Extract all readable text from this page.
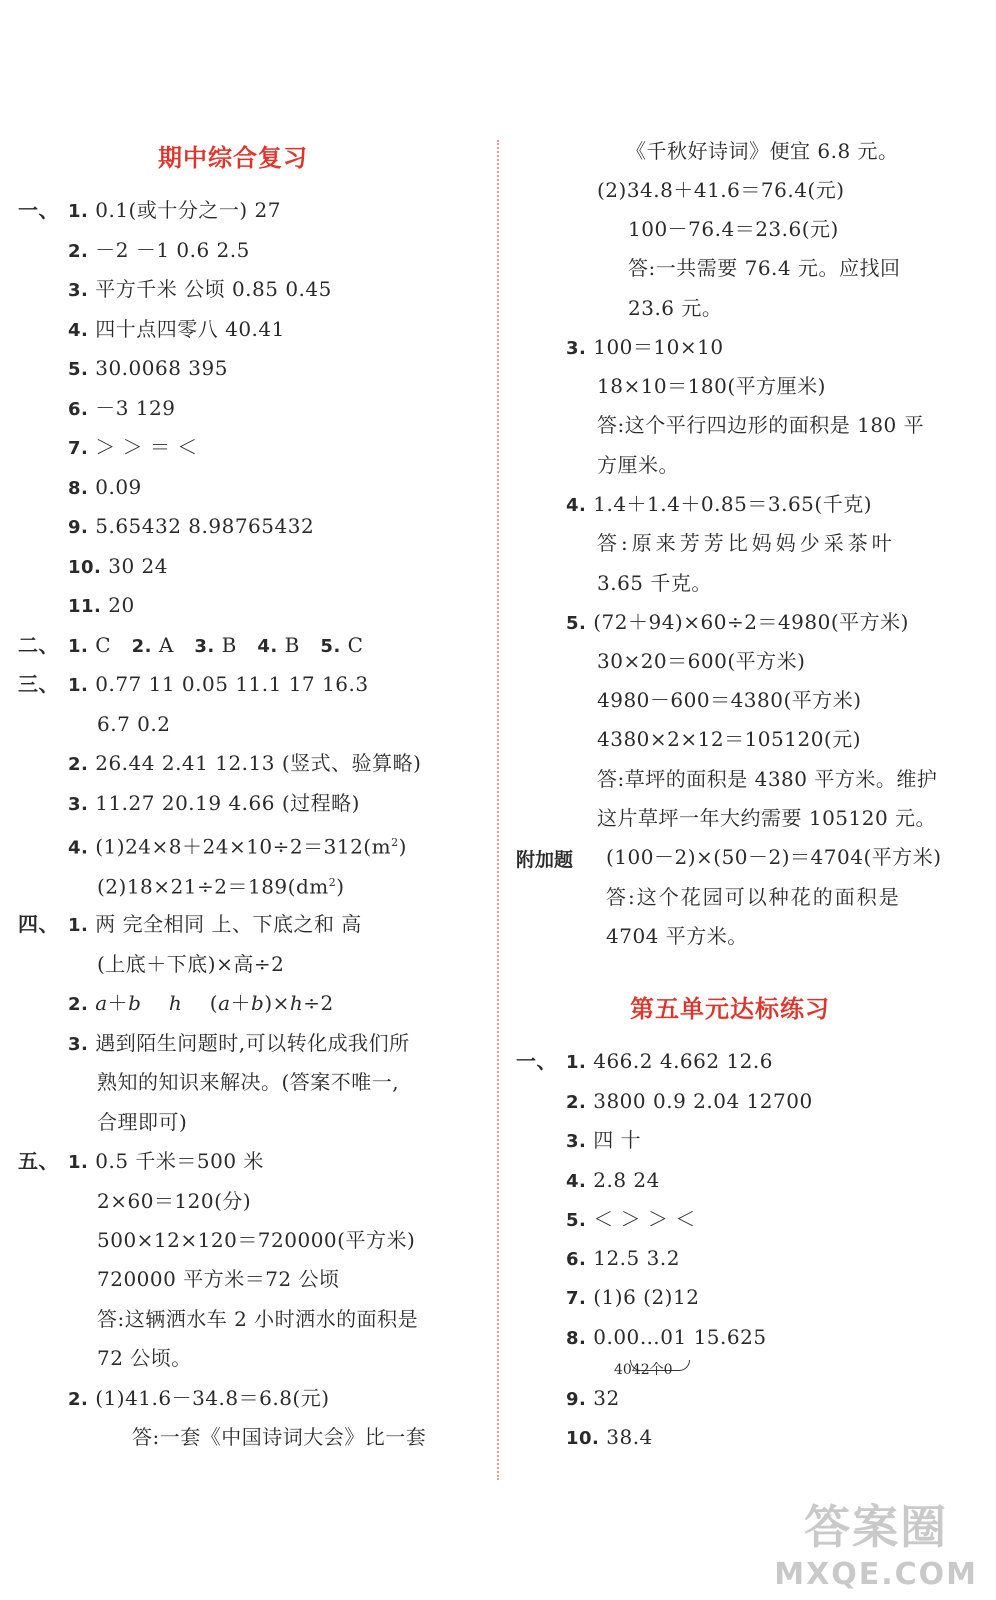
期中综合复习
一、 1. 0.1(或十分之一) 27
2. －2 －1 0.6 2.5
3. 平方千米 公顷 0.85 0.45
4. 四十点四零八 40.41
5. 30.0068 395
6. －3 129
7. ＞ ＞ ＝ ＜
8. 0.09
9. 5.65432 8.98765432
10. 30 24
11. 20
二、 1. C 2. A 3. B 4. B 5. C
三、 1. 0.77 11 0.05 11.1 17 16.3
6.7 0.2
2. 26.44 2.41 12.13 (竖式、验算略)
3. 11.27 20.19 4.66 (过程略)
4. $(1)24\times 8+24\times 10\div 2=312(m^2)$
$(2)18\times 21\div 2=189(dm^2)$
四、 1. 两 完全相同 上、下底之和 高
(上底＋下底)×高÷2
2. a＋b h (a＋b)×h÷2
3. 遇到陌生问题时,可以转化成我们所
熟知的知识来解决。(答案不唯一,
合理即可)
五、 1. 0.5 千米＝500 米
2×60＝120(分)
500×12×120＝720000(平方米)
720000 平方米＝72 公顷
答:这辆洒水车 2 小时洒水的面积是
72 公顷。
2. (1)41.6－34.8＝6.8(元)
答:一套《中国诗词大会》比一套
《千秋好诗词》便宜 6.8 元。
(2)34.8＋41.6＝76.4(元)
100－76.4＝23.6(元)
答:一共需要 76.4 元。应找回
23.6 元。
3. 100＝10×10
18×10＝180(平方厘米)
答:这个平行四边形的面积是 180 平
方厘米。
4. 1.4＋1.4＋0.85＝3.65(千克)
答:原来芳芳比妈妈少采茶叶
3.65 千克。
5. (72＋94)×60÷2＝4980(平方米)
30×20＝600(平方米)
4980－600＝4380(平方米)
4380×2×12＝105120(元)
答:草坪的面积是 4380 平方米。维护
这片草坪一年大约需要 105120 元。
附加题 (100－2)×(50－2)＝4704(平方米)
答:这个花园可以种花的面积是
4704 平方米。
第五单元达标练习
一、 1. 466.2 4.662 12.6
2. 3800 0.9 2.04 12700
3. 四 十
4. 2.8 24
5. ＜ ＞ ＞ ＜
6. 12.5 3.2
7. (1)6 (2)12
8. 0.00…01 15.625
4042个0
9. 32
10. 38.4
答案圈
MXQE.COM
